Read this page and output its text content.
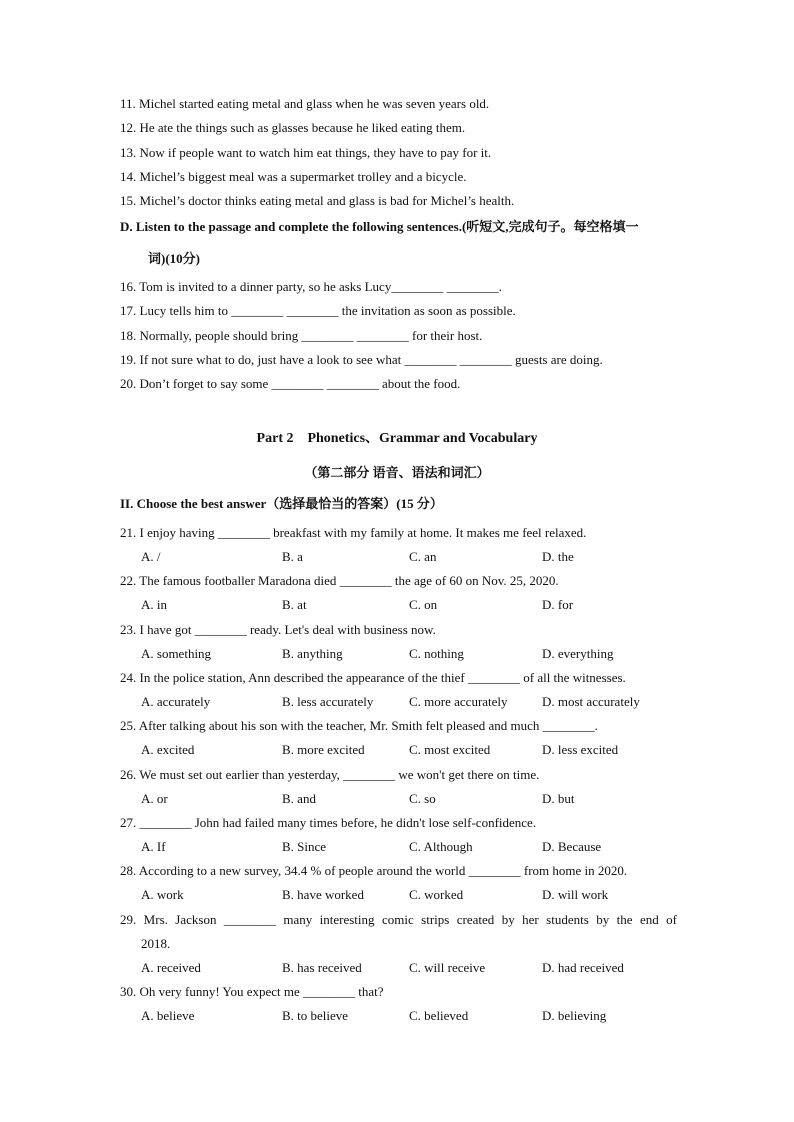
11. Michel started eating metal and glass when he was seven years old.
12. He ate the things such as glasses because he liked eating them.
13. Now if people want to watch him eat things, they have to pay for it.
14. Michel’s biggest meal was a supermarket trolley and a bicycle.
15. Michel’s doctor thinks eating metal and glass is bad for Michel’s health.
D. Listen to the passage and complete the following sentences.(听短文,完成句子。每空格填一
词)(10分)
16. Tom is invited to a dinner party, so he asks Lucy________ ________.
17. Lucy tells him to ________ ________ the invitation as soon as possible.
18. Normally, people should bring ________ ________ for their host.
19. If not sure what to do, just have a look to see what ________ ________ guests are doing.
20. Don’t forget to say some ________ ________ about the food.
Part 2　Phonetics、Grammar and Vocabulary
（第二部分 语音、语法和词汇）
II. Choose the best answer（选择最恰当的答案）(15 分）
21. I enjoy having ________ breakfast with my family at home. It makes me feel relaxed.
A. /	B. a	C. an	D. the
22. The famous footballer Maradona died ________ the age of 60 on Nov. 25, 2020.
A. in	B. at	C. on	D. for
23. I have got ________ ready. Let's deal with business now.
A. something	B. anything	C. nothing	D. everything
24. In the police station, Ann described the appearance of the thief ________ of all the witnesses.
A. accurately	B. less accurately	C. more accurately	D. most accurately
25. After talking about his son with the teacher, Mr. Smith felt pleased and much ________.
A. excited	B. more excited	C. most excited	D. less excited
26. We must set out earlier than yesterday, ________ we won't get there on time.
A. or	B. and	C. so	D. but
27. ________ John had failed many times before, he didn't lose self-confidence.
A. If	B. Since	C. Although	D. Because
28. According to a new survey, 34.4 % of people around the world ________ from home in 2020.
A. work	B. have worked	C. worked	D. will work
29. Mrs. Jackson ________ many interesting comic strips created by her students by the end of
2018.
A. received	B. has received	C. will receive	D. had received
30. Oh very funny! You expect me ________ that?
A. believe	B. to believe	C. believed	D. believing
